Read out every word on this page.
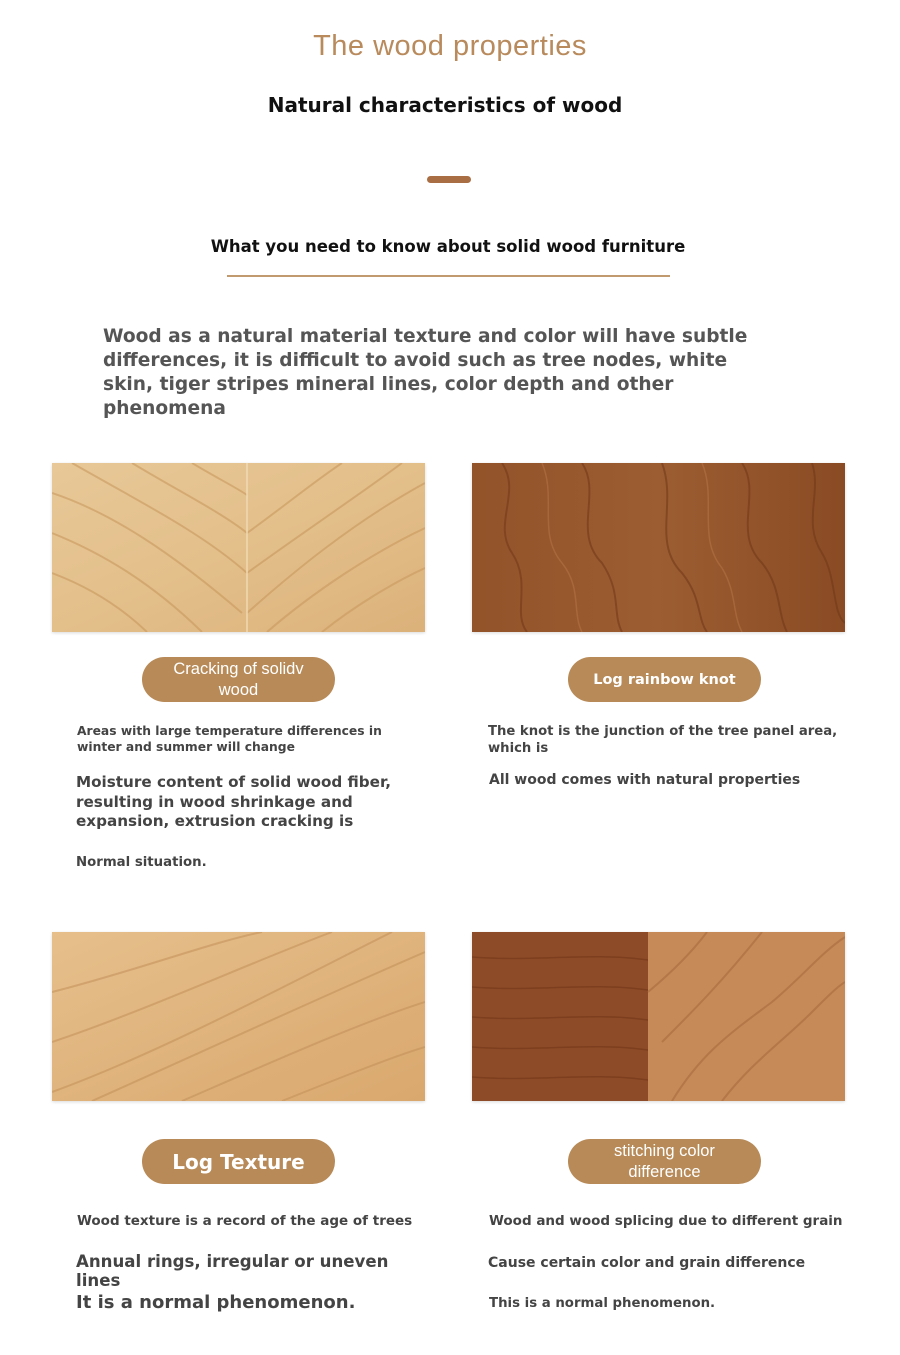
The wood properties
Natural characteristics of wood
What you need to know about solid wood furniture
Wood as a natural material texture and color will have subtle differences, it is difficult to avoid such as tree nodes, white skin, tiger stripes mineral lines, color depth and other phenomena
Cracking of solidv wood
Areas with large temperature differences in winter and summer will change
Moisture content of solid wood fiber, resulting in wood shrinkage and expansion, extrusion cracking is
Normal situation.
Log rainbow knot
The knot is the junction of the tree panel area, which is
All wood comes with natural properties
Log Texture
Wood texture is a record of the age of trees
Annual rings, irregular or uneven lines
It is a normal phenomenon.
stitching color difference
Wood and wood splicing due to different grain
Cause certain color and grain difference
This is a normal phenomenon.
